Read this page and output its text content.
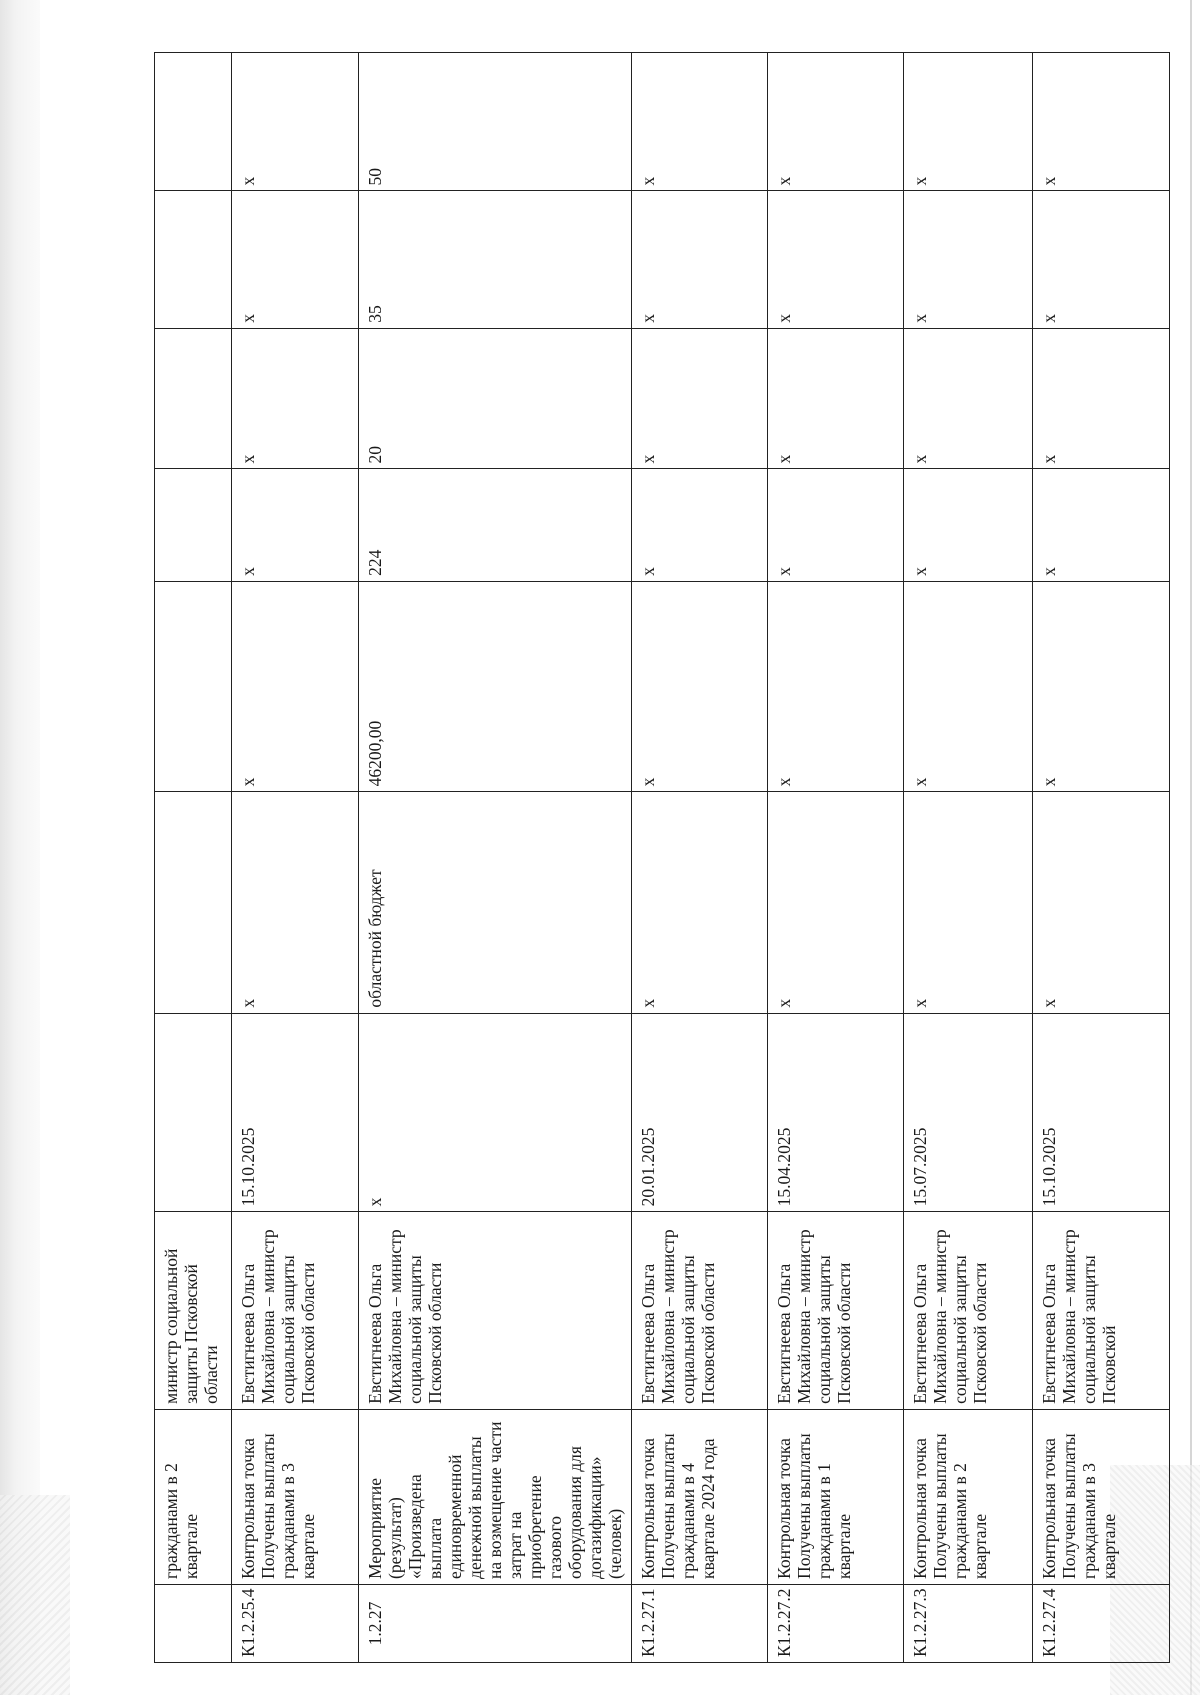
	гражданами в 2 квартале	министр социальной защиты Псковской области							
К1.2.25.4	Контрольная точка Получены выплаты гражданами в 3 квартале	Евстигнеева Ольга Михайловна – министр социальной защиты Псковской области	15.10.2025	х	х	х	х	х	х
1.2.27	Мероприятие (результат) «Произведена выплата единовременной денежной выплаты на возмещение части затрат на приобретение газового оборудования для догазификации» (человек)	Евстигнеева Ольга Михайловна – министр социальной защиты Псковской области	х	областной бюджет	46200,00	224	20	35	50
К1.2.27.1	Контрольная точка Получены выплаты гражданами в 4 квартале 2024 года	Евстигнеева Ольга Михайловна – министр социальной защиты Псковской области	20.01.2025	х	х	х	х	х	х
К1.2.27.2	Контрольная точка Получены выплаты гражданами в 1 квартале	Евстигнеева Ольга Михайловна – министр социальной защиты Псковской области	15.04.2025	х	х	х	х	х	х
К1.2.27.3	Контрольная точка Получены выплаты гражданами в 2 квартале	Евстигнеева Ольга Михайловна – министр социальной защиты Псковской области	15.07.2025	х	х	х	х	х	х
К1.2.27.4	Контрольная точка Получены выплаты гражданами в 3 квартале	Евстигнеева Ольга Михайловна – министр социальной защиты Псковской	15.10.2025	х	х	х	х	х	х
